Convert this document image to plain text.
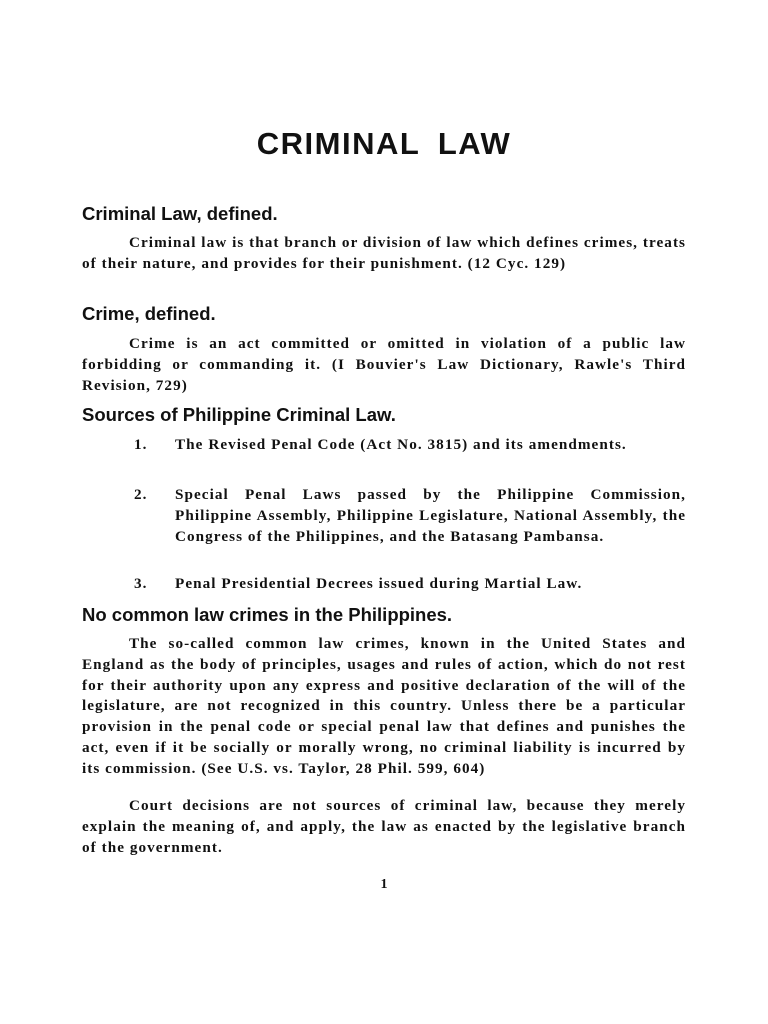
CRIMINAL LAW
Criminal Law, defined.

Criminal law is that branch or division of law which defines crimes, treats of their nature, and provides for their punishment. (12 Cyc. 129)

Crime, defined.

Crime is an act committed or omitted in violation of a public law forbidding or commanding it. (I Bouvier's Law Dictionary, Rawle's Third Revision, 729)

Sources of Philippine Criminal Law.
1.	The Revised Penal Code (Act No. 3815) and its amendments.
2.	Special Penal Laws passed by the Philippine Commission, Philippine Assembly, Philippine Legislature, National Assembly, the Congress of the Philippines, and the Batasang Pambansa.
3.	Penal Presidential Decrees issued during Martial Law.
No common law crimes in the Philippines.

The so-called common law crimes, known in the United States and England as the body of principles, usages and rules of action, which do not rest for their authority upon any express and positive declaration of the will of the legislature, are not recognized in this country. Unless there be a particular provision in the penal code or special penal law that defines and punishes the act, even if it be socially or morally wrong, no criminal liability is incurred by its commission. (See U.S. vs. Taylor, 28 Phil. 599, 604)

Court decisions are not sources of criminal law, because they merely explain the meaning of, and apply, the law as enacted by the legislative branch of the government.

1
